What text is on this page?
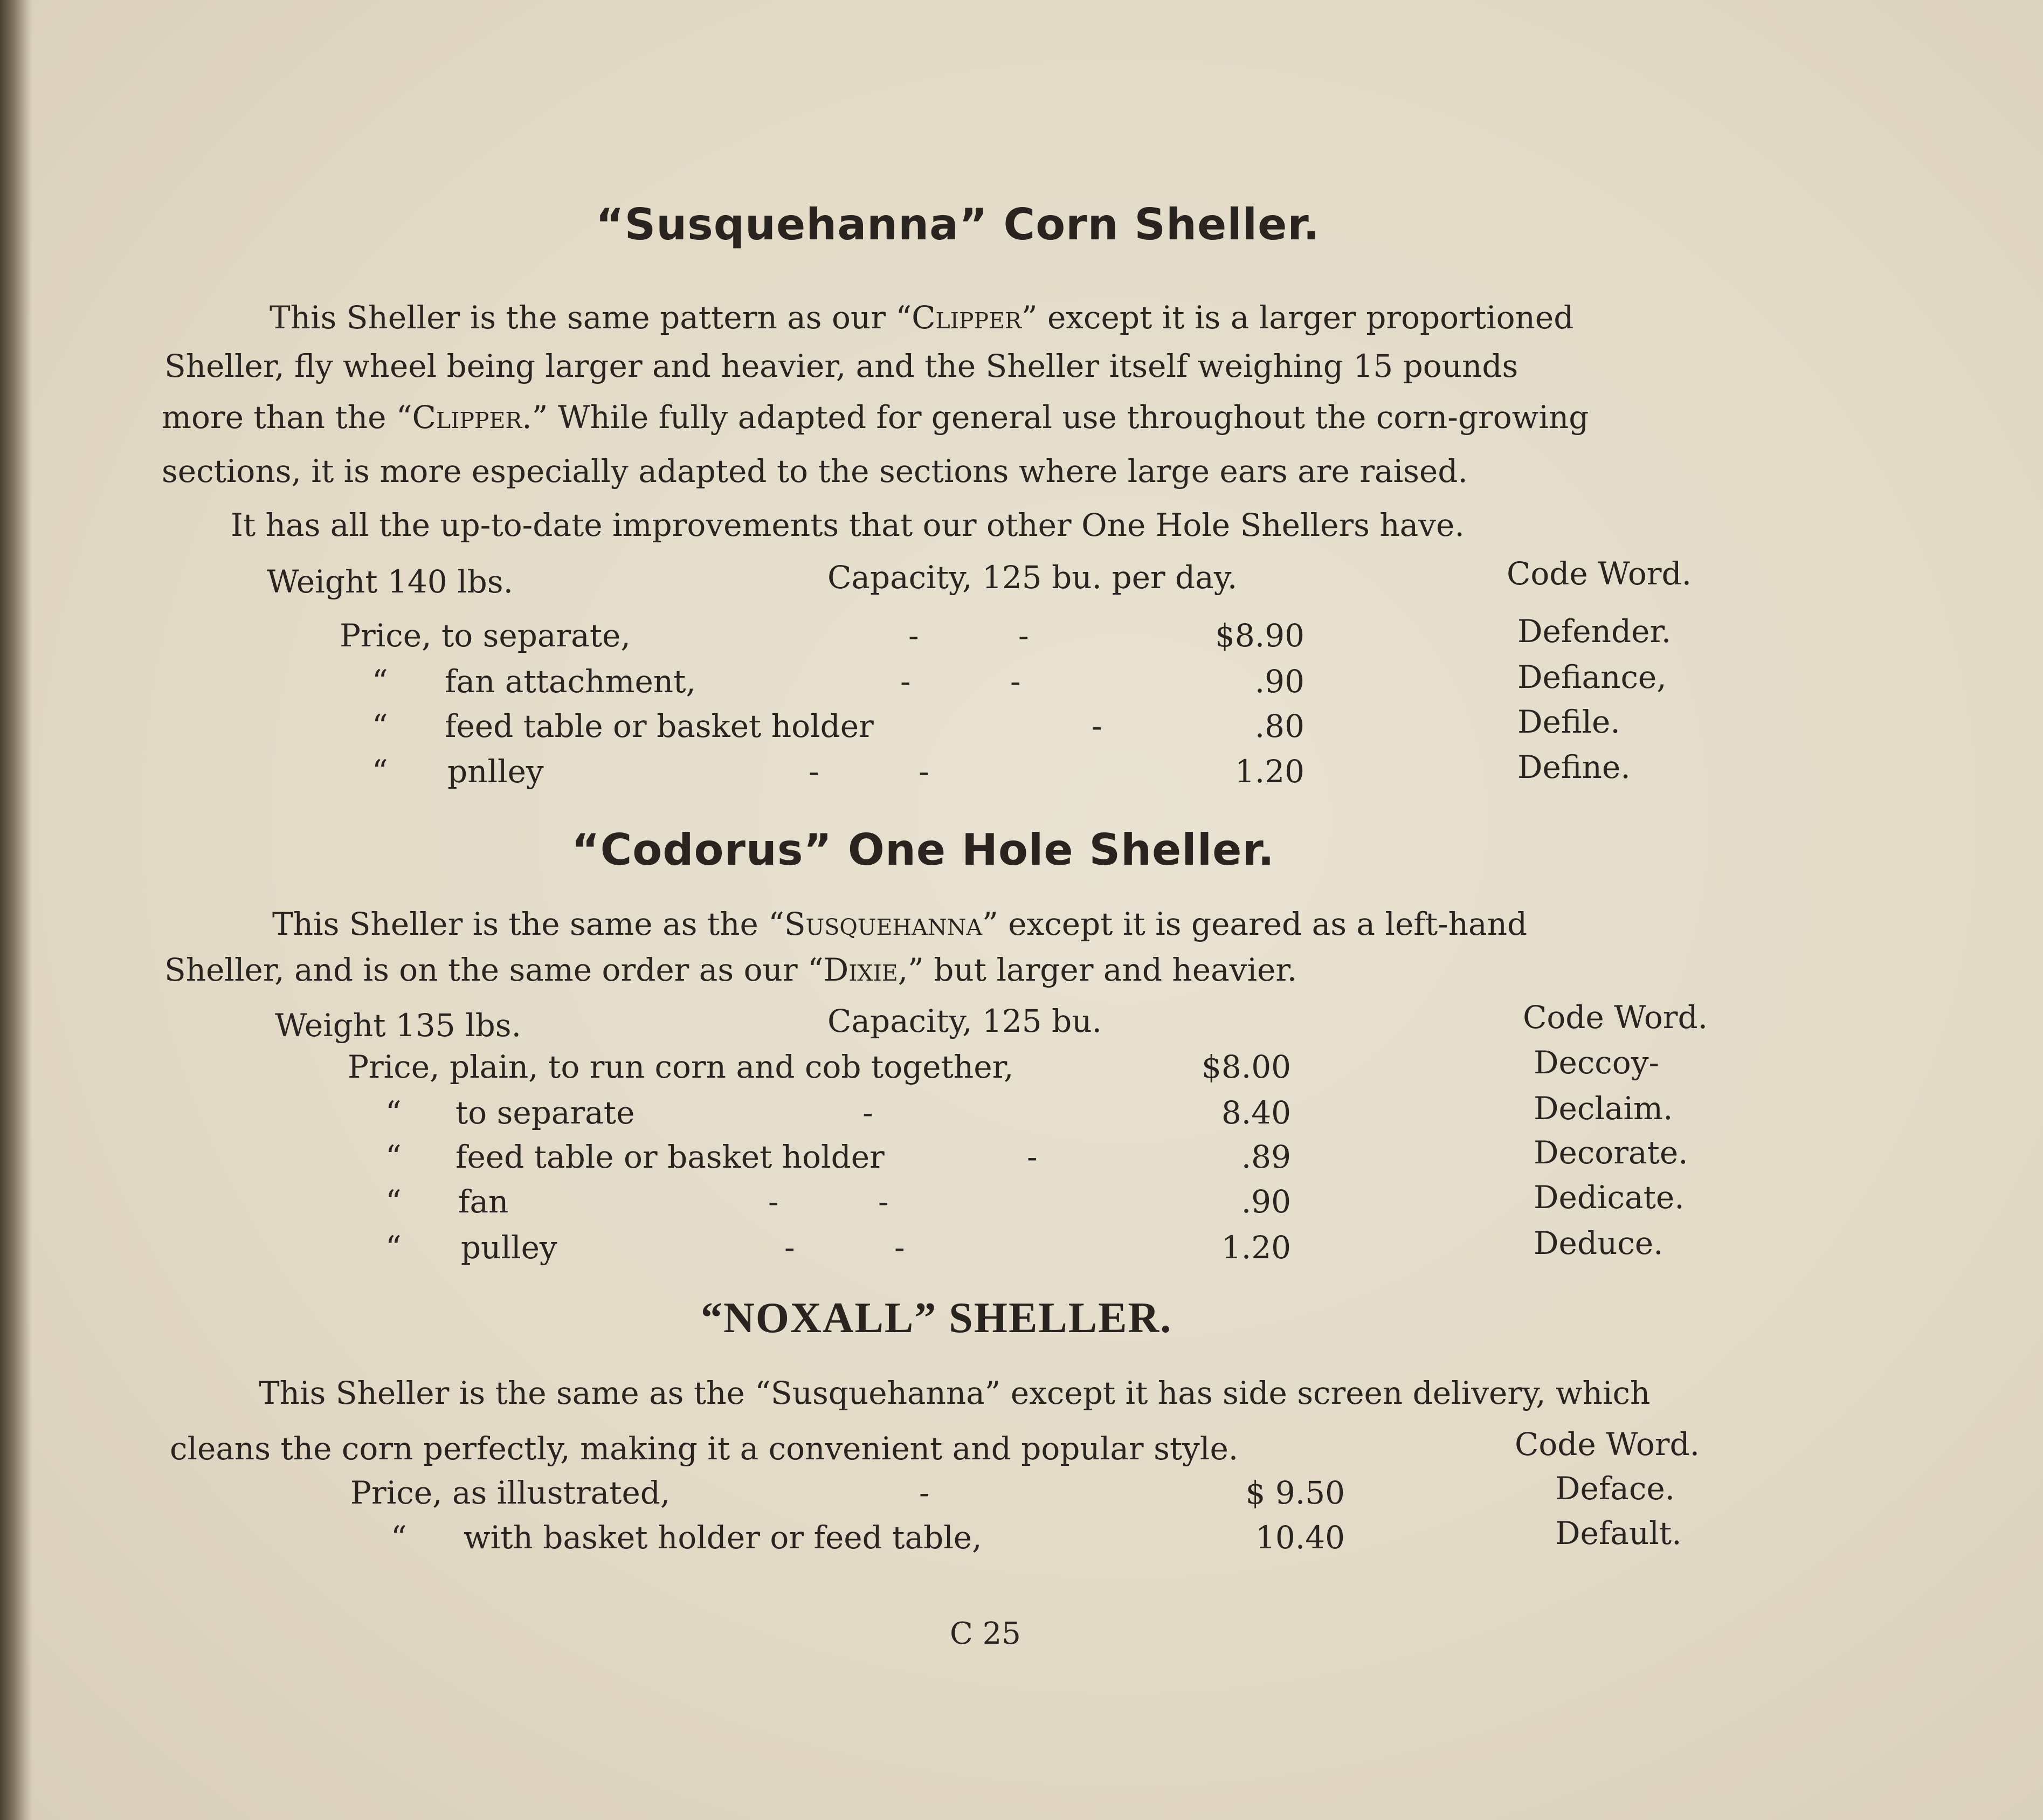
“Susquehanna” Corn Sheller.
This Sheller is the same pattern as our “Clipper” except it is a larger proportioned
Sheller, fly wheel being larger and heavier, and the Sheller itself weighing 15 pounds
more than the “Clipper.” While fully adapted for general use throughout the corn-growing
sections, it is more especially adapted to the sections where large ears are raised.
It has all the up-to-date improvements that our other One Hole Shellers have.
Weight 140 lbs.	Capacity, 125 bu. per day.	Code Word.
Price, to separate,	-          -	$8.90	Defender.
“ fan attachment,	-          -	.90	Defiance,
“ feed table or basket holder	-	.80	Defile.
“ pnlley	-          -	1.20	Define.
“Codorus” One Hole Sheller.
This Sheller is the same as the “Susquehanna” except it is geared as a left-hand
Sheller, and is on the same order as our “Dixie,” but larger and heavier.
Weight 135 lbs.	Capacity, 125 bu.	Code Word.
Price, plain, to run corn and cob together,	$8.00	Deccoy-
“ to separate	-	8.40	Declaim.
“ feed table or basket holder	-	.89	Decorate.
“ fan	-          -	.90	Dedicate.
“ pulley	-          -	1.20	Deduce.
“NOXALL” SHELLER.
This Sheller is the same as the “Susquehanna” except it has side screen delivery, which
cleans the corn perfectly, making it a convenient and popular style.	Code Word.
Price, as illustrated,	-	$ 9.50	Deface.
“ with basket holder or feed table,	10.40	Default.
C 25
